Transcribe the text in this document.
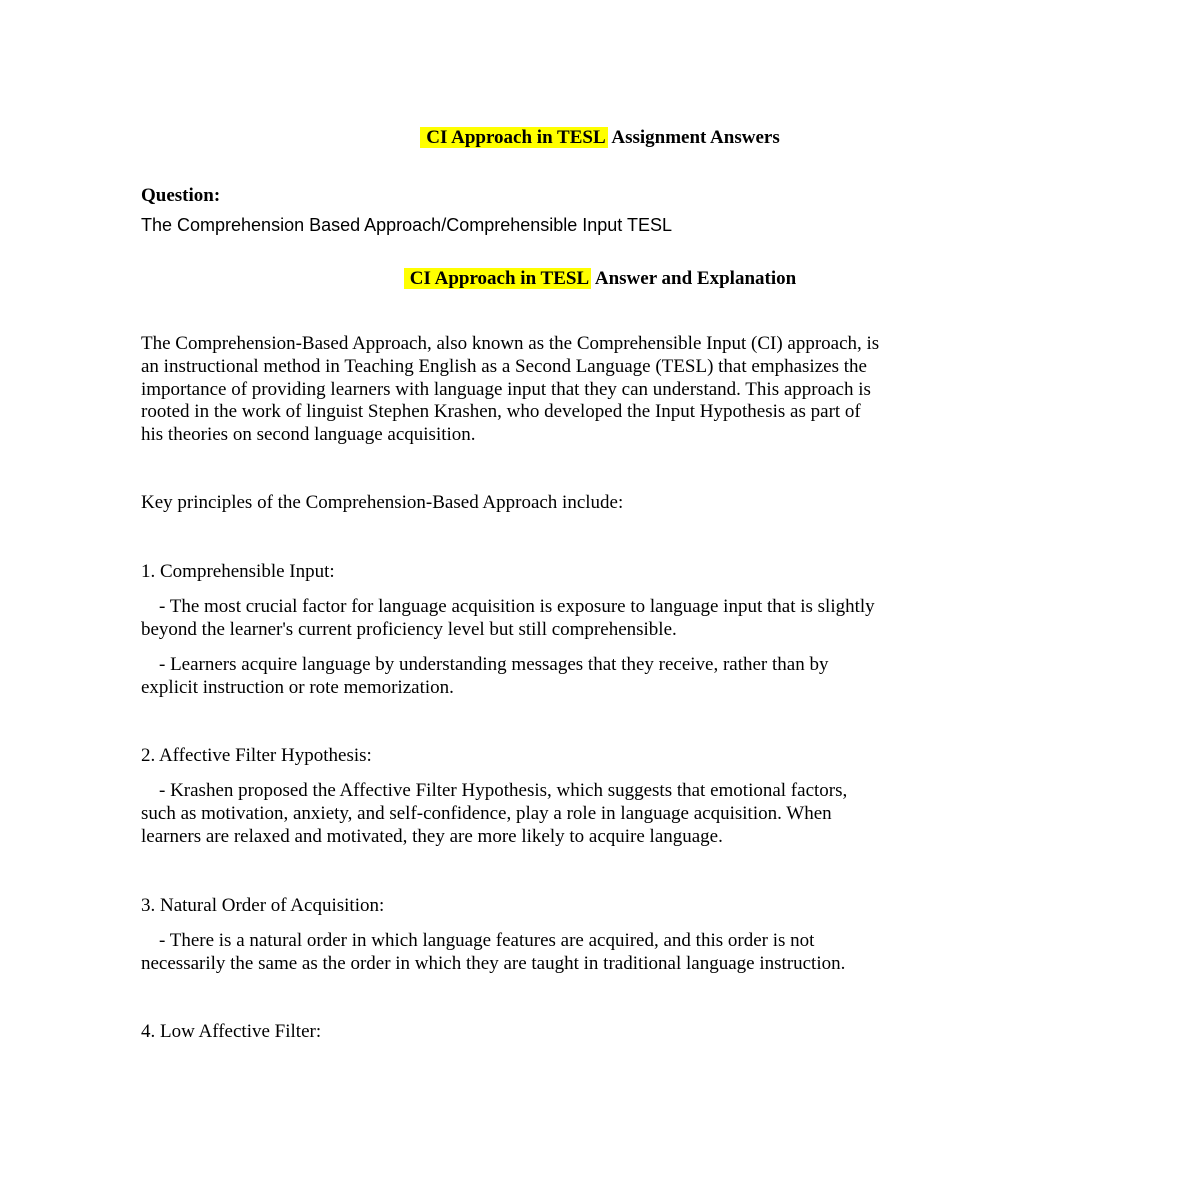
CI Approach in TESL Assignment Answers
Question:
The Comprehension Based Approach/Comprehensible Input TESL
CI Approach in TESL Answer and Explanation
The Comprehension-Based Approach, also known as the Comprehensible Input (CI) approach, is
an instructional method in Teaching English as a Second Language (TESL) that emphasizes the
importance of providing learners with language input that they can understand. This approach is
rooted in the work of linguist Stephen Krashen, who developed the Input Hypothesis as part of
his theories on second language acquisition.
Key principles of the Comprehension-Based Approach include:
1. Comprehensible Input:
- The most crucial factor for language acquisition is exposure to language input that is slightly
beyond the learner's current proficiency level but still comprehensible.
- Learners acquire language by understanding messages that they receive, rather than by
explicit instruction or rote memorization.
2. Affective Filter Hypothesis:
- Krashen proposed the Affective Filter Hypothesis, which suggests that emotional factors,
such as motivation, anxiety, and self-confidence, play a role in language acquisition. When
learners are relaxed and motivated, they are more likely to acquire language.
3. Natural Order of Acquisition:
- There is a natural order in which language features are acquired, and this order is not
necessarily the same as the order in which they are taught in traditional language instruction.
4. Low Affective Filter:
